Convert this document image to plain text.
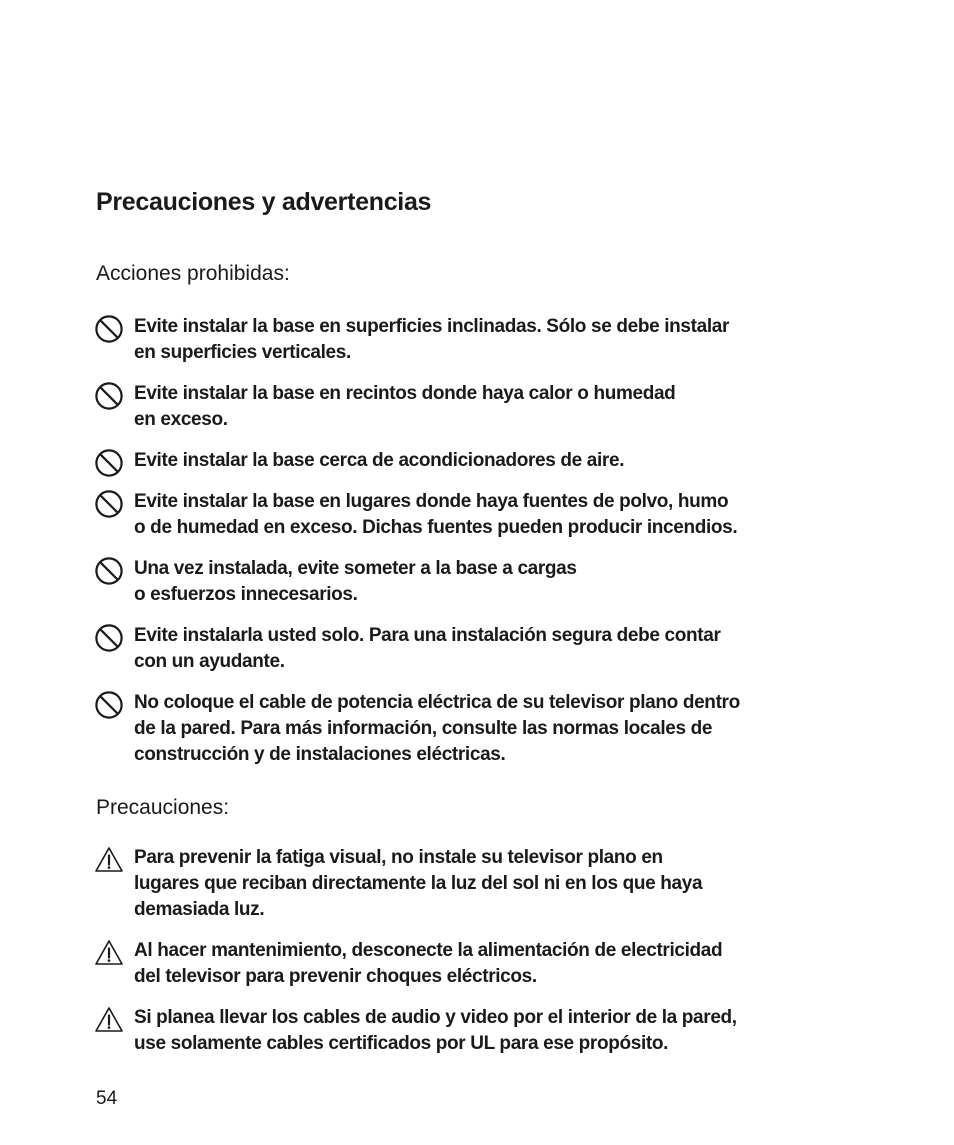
Precauciones y advertencias
Acciones prohibidas:
Evite instalar la base en superficies inclinadas. Sólo se debe instalar
en superficies verticales.
Evite instalar la base en recintos donde haya calor o humedad
en exceso.
Evite instalar la base cerca de acondicionadores de aire.
Evite instalar la base en lugares donde haya fuentes de polvo, humo
o de humedad en exceso. Dichas fuentes pueden producir incendios.
Una vez instalada, evite someter a la base a cargas
o esfuerzos innecesarios.
Evite instalarla usted solo. Para una instalación segura debe contar
con un ayudante.
No coloque el cable de potencia eléctrica de su televisor plano dentro
de la pared. Para más información, consulte las normas locales de
construcción y de instalaciones eléctricas.
Precauciones:
Para prevenir la fatiga visual, no instale su televisor plano en
lugares que reciban directamente la luz del sol ni en los que haya
demasiada luz.
Al hacer mantenimiento, desconecte la alimentación de electricidad
del televisor para prevenir choques eléctricos.
Si planea llevar los cables de audio y video por el interior de la pared,
use solamente cables certificados por UL para ese propósito.
54
